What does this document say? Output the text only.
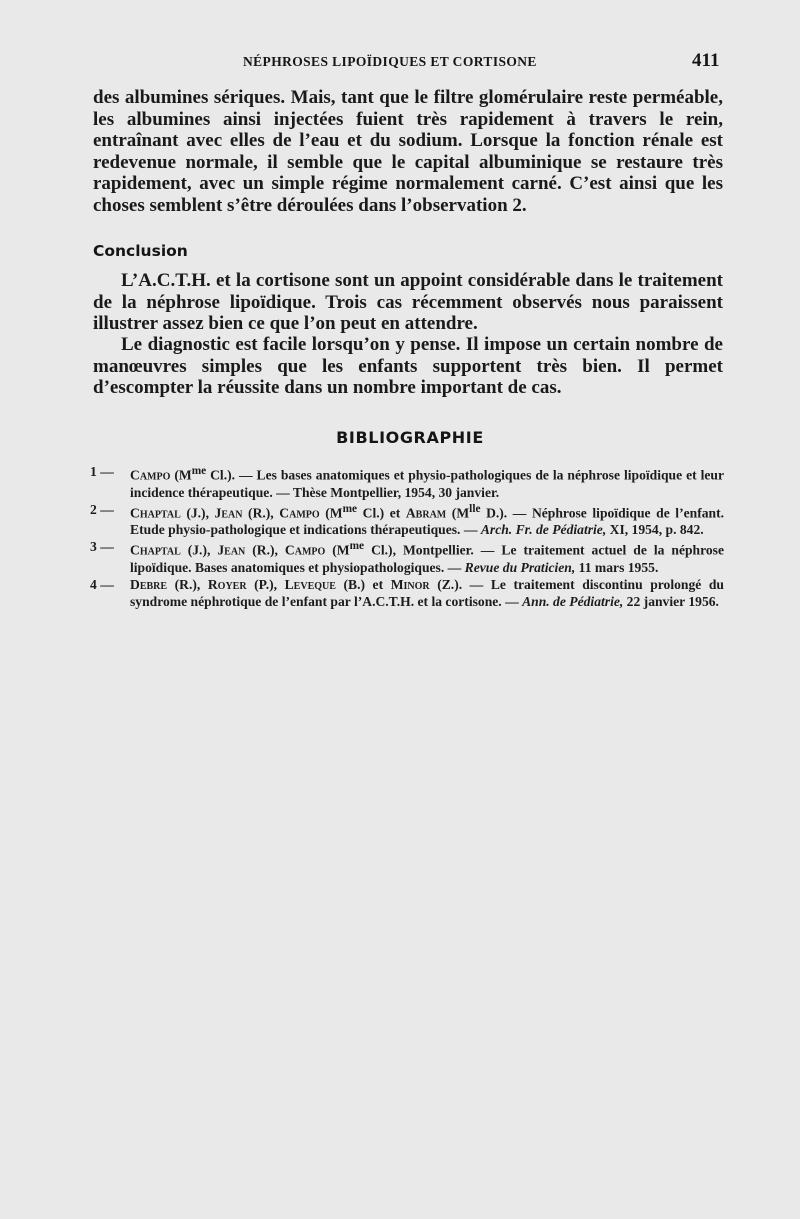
NÉPHROSES LIPOÏDIQUES ET CORTISONE	411

des albumines sériques. Mais, tant que le filtre glomérulaire reste perméable, les albumines ainsi injectées fuient très rapidement à travers le rein, entraînant avec elles de l’eau et du sodium. Lorsque la fonction rénale est redevenue normale, il semble que le capital albuminique se restaure très rapidement, avec un simple régime normalement carné. C’est ainsi que les choses semblent s’être déroulées dans l’observation 2.

Conclusion

L’A.C.T.H. et la cortisone sont un appoint considérable dans le traitement de la néphrose lipoïdique. Trois cas récemment observés nous paraissent illustrer assez bien ce que l’on peut en attendre.

Le diagnostic est facile lorsqu’on y pense. Il impose un certain nombre de manœuvres simples que les enfants supportent très bien. Il permet d’escompter la réussite dans un nombre important de cas.

BIBLIOGRAPHIE
1 — Campo ($M^{me}$ Cl.). — Les bases anatomiques et physio-pathologiques de la néphrose lipoïdique et leur incidence thérapeutique. — Thèse Montpellier, 1954, 30 janvier.
2 — Chaptal (J.), Jean (R.), Campo ($M^{me}$ Cl.) et Abram ($M^{lle}$ D.). — Néphrose lipoïdique de l’enfant. Etude physio-pathologique et indications thérapeutiques. — Arch. Fr. de Pédiatrie, XI, 1954, p. 842.
3 — Chaptal (J.), Jean (R.), Campo ($M^{me}$ Cl.), Montpellier. — Le traitement actuel de la néphrose lipoïdique. Bases anatomiques et physiopathologiques. — Revue du Praticien, 11 mars 1955.
4 — Debre (R.), Royer (P.), Leveque (B.) et Minor (Z.). — Le traitement discontinu prolongé du syndrome néphrotique de l’enfant par l’A.C.T.H. et la cortisone. — Ann. de Pédiatrie, 22 janvier 1956.
